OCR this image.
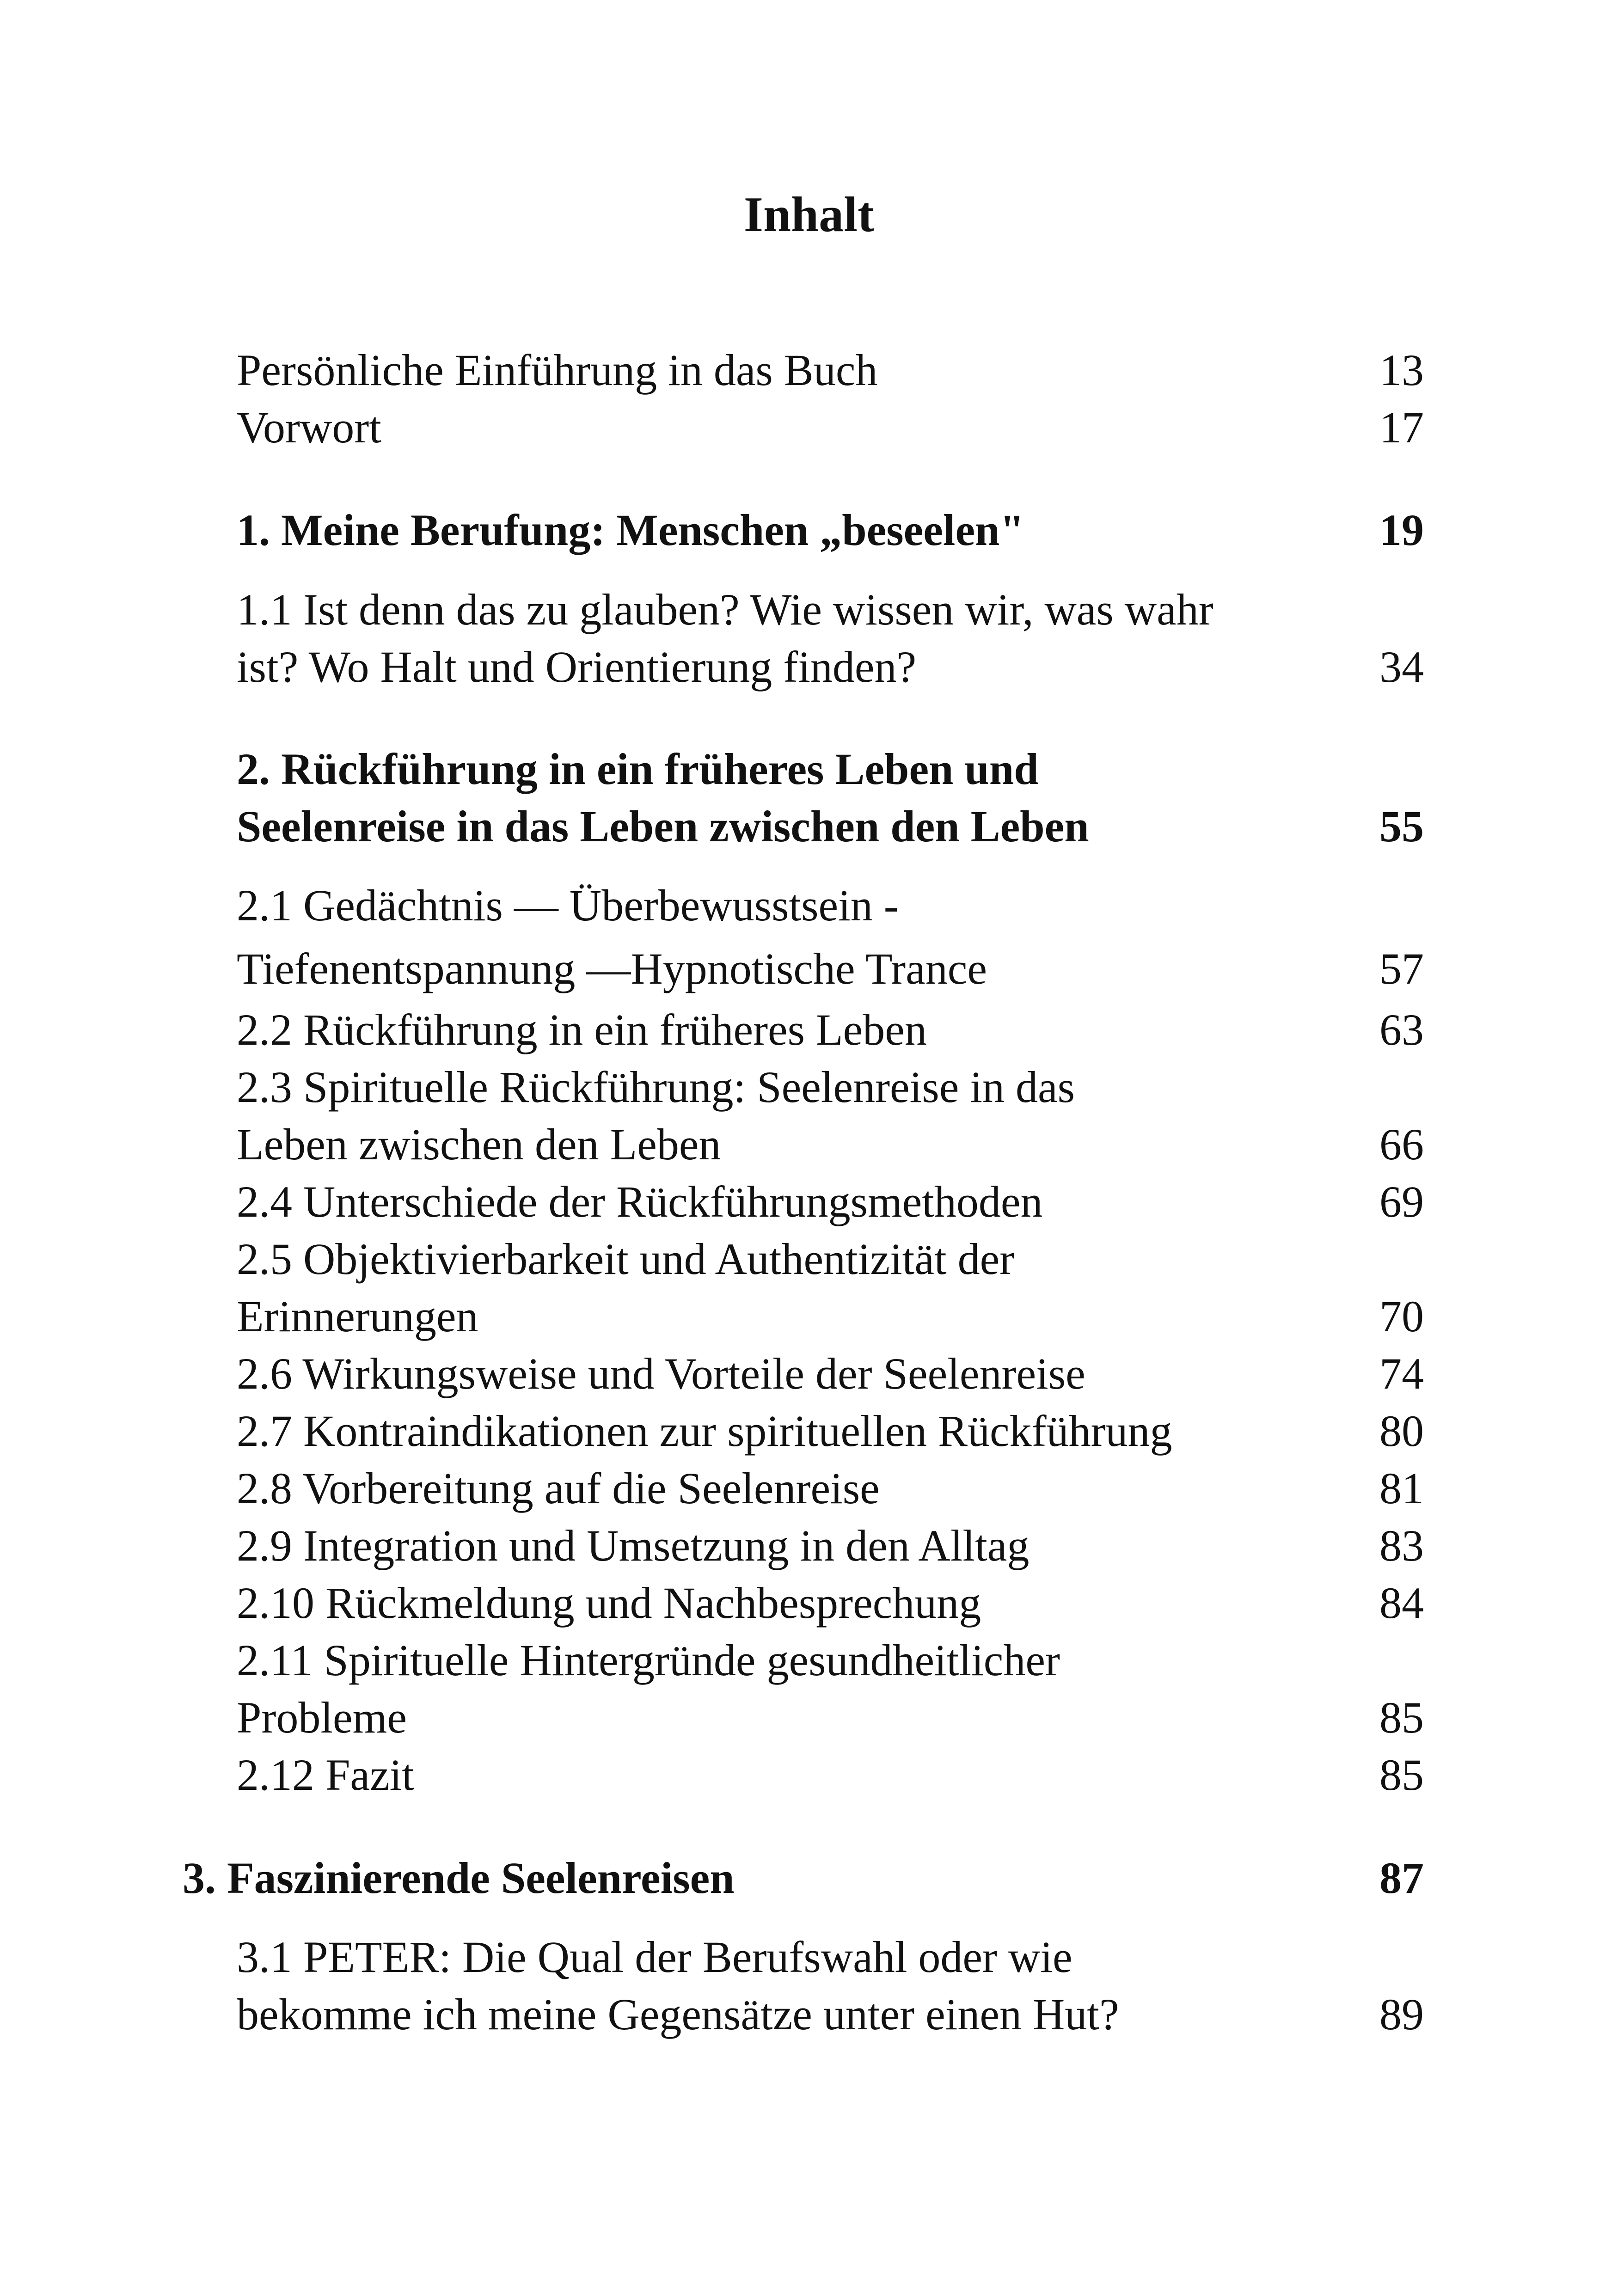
Inhalt
Persönliche Einführung in das Buch	13
Vorwort	17
1. Meine Berufung: Menschen „beseelen"	19
1.1 Ist denn das zu glauben? Wie wissen wir, was wahr
ist? Wo Halt und Orientierung finden?	34
2. Rückführung in ein früheres Leben und
Seelenreise in das Leben zwischen den Leben	55
2.1 Gedächtnis — Überbewusstsein -
Tiefenentspannung —Hypnotische Trance	57
2.2 Rückführung in ein früheres Leben	63
2.3 Spirituelle Rückführung: Seelenreise in das
Leben zwischen den Leben	66
2.4 Unterschiede der Rückführungsmethoden	69
2.5 Objektivierbarkeit und Authentizität der
Erinnerungen	70
2.6 Wirkungsweise und Vorteile der Seelenreise	74
2.7 Kontraindikationen zur spirituellen Rückführung	80
2.8 Vorbereitung auf die Seelenreise	81
2.9 Integration und Umsetzung in den Alltag	83
2.10 Rückmeldung und Nachbesprechung	84
2.11 Spirituelle Hintergründe gesundheitlicher
Probleme	85
2.12 Fazit	85
3. Faszinierende Seelenreisen	87
3.1 PETER: Die Qual der Berufswahl oder wie
bekomme ich meine Gegensätze unter einen Hut?	89
